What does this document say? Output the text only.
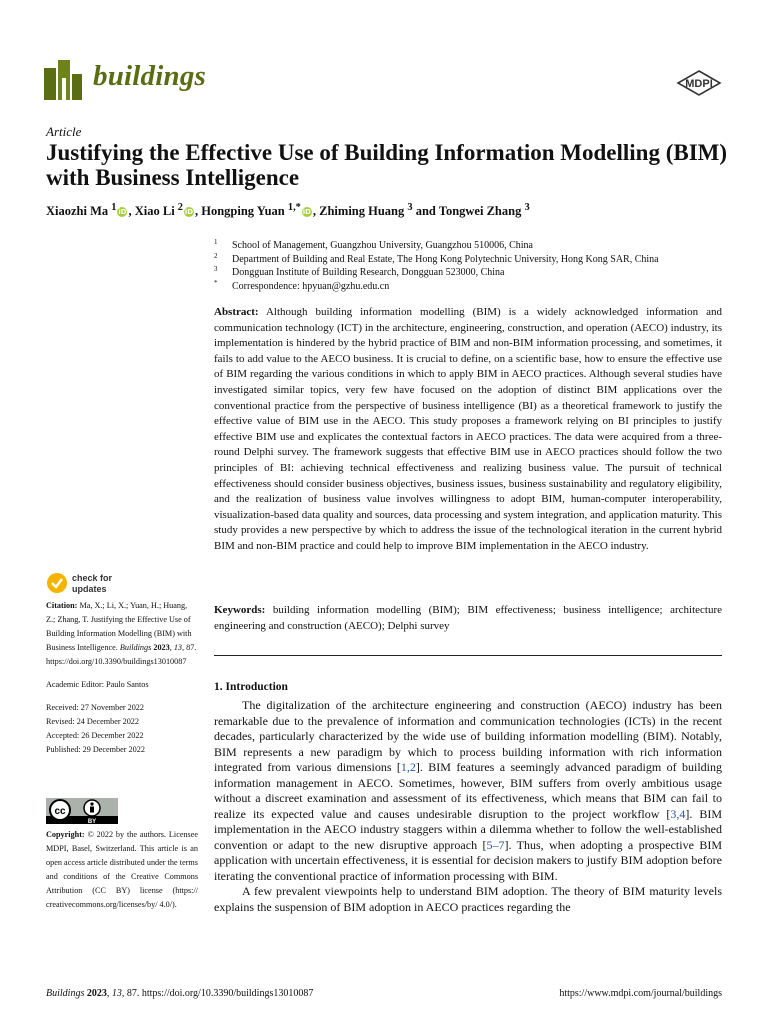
buildings	MDPI
Article
Justifying the Effective Use of Building Information Modelling (BIM) with Business Intelligence
Xiaozhi Ma $^1$ iD , Xiao Li $^2$ iD , Hongping Yuan $^{1,*}$ iD , Zhiming Huang $^3$ and Tongwei Zhang $^3$
1 School of Management, Guangzhou University, Guangzhou 510006, China
2 Department of Building and Real Estate, The Hong Kong Polytechnic University, Hong Kong SAR, China
3 Dongguan Institute of Building Research, Dongguan 523000, China
* Correspondence: hpyuan@gzhu.edu.cn
Abstract: Although building information modelling (BIM) is a widely acknowledged information and communication technology (ICT) in the architecture, engineering, construction, and operation (AECO) industry, its implementation is hindered by the hybrid practice of BIM and non-BIM information processing, and sometimes, it fails to add value to the AECO business. It is crucial to define, on a scientific base, how to ensure the effective use of BIM regarding the various conditions in which to apply BIM in AECO practices. Although several studies have investigated similar topics, very few have focused on the adoption of distinct BIM applications over the conventional practice from the perspective of business intelligence (BI) as a theoretical framework to justify the effective value of BIM use in the AECO. This study proposes a framework relying on BI principles to justify effective BIM use and explicates the contextual factors in AECO practices. The data were acquired from a three-round Delphi survey. The framework suggests that effective BIM use in AECO practices should follow the two principles of BI: achieving technical effectiveness and realizing business value. The pursuit of technical effectiveness should consider business objectives, business issues, business sustainability and regulatory eligibility, and the realization of business value involves willingness to adopt BIM, human-computer interoperability, visualization-based data quality and sources, data processing and system integration, and application maturity. This study provides a new perspective by which to address the issue of the technological iteration in the current hybrid BIM and non-BIM practice and could help to improve BIM implementation in the AECO industry.
Keywords: building information modelling (BIM); BIM effectiveness; business intelligence; architecture engineering and construction (AECO); Delphi survey
check for
updates
Citation: Ma, X.; Li, X.; Yuan, H.; Huang, Z.; Zhang, T. Justifying the Effective Use of Building Information Modelling (BIM) with Business Intelligence. Buildings 2023, 13, 87. https://doi.org/10.3390/buildings13010087
Academic Editor: Paulo Santos
Received: 27 November 2022
Revised: 24 December 2022
Accepted: 26 December 2022
Published: 29 December 2022
cc
BY
Copyright: © 2022 by the authors. Licensee MDPI, Basel, Switzerland. This article is an open access article distributed under the terms and conditions of the Creative Commons Attribution (CC BY) license (https:// creativecommons.org/licenses/by/ 4.0/).
1. Introduction

The digitalization of the architecture engineering and construction (AECO) industry has been remarkable due to the prevalence of information and communication technologies (ICTs) in the recent decades, particularly characterized by the wide use of building information modelling (BIM). Notably, BIM represents a new paradigm by which to process building information with rich information integrated from various dimensions [1,2]. BIM features a seemingly advanced paradigm of building information management in AECO. Sometimes, however, BIM suffers from overly ambitious usage without a discreet examination and assessment of its effectiveness, which means that BIM can fail to realize its expected value and causes undesirable disruption to the project workflow [3,4]. BIM implementation in the AECO industry staggers within a dilemma whether to follow the well-established convention or adapt to the new disruptive approach [5–7]. Thus, when adopting a prospective BIM application with uncertain effectiveness, it is essential for decision makers to justify BIM adoption before iterating the conventional practice of information processing with BIM.

A few prevalent viewpoints help to understand BIM adoption. The theory of BIM maturity levels explains the suspension of BIM adoption in AECO practices regarding the

Buildings 2023, 13, 87. https://doi.org/10.3390/buildings13010087	https://www.mdpi.com/journal/buildings
